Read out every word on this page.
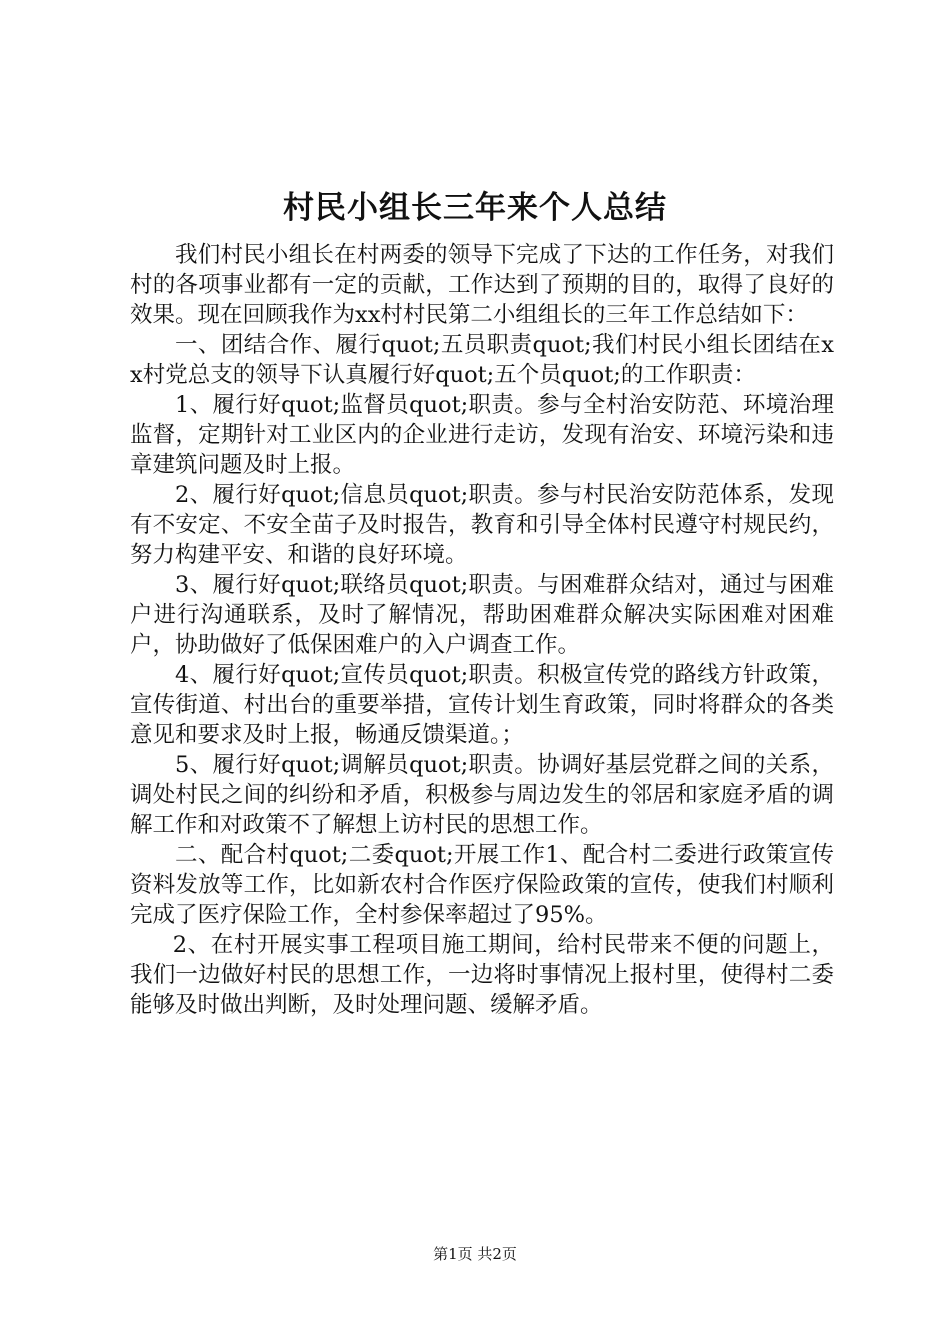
村民小组长三年来个人总结

我们村民小组长在村两委的领导下完成了下达的工作任务，对我们村的各项事业都有一定的贡献，工作达到了预期的目的，取得了良好的效果。现在回顾我作为xx村村民第二小组组长的三年工作总结如下：

一、团结合作、履行quot;五员职责quot;我们村民小组长团结在xx村党总支的领导下认真履行好quot;五个员quot;的工作职责：

1、履行好quot;监督员quot;职责。参与全村治安防范、环境治理监督，定期针对工业区内的企业进行走访，发现有治安、环境污染和违章建筑问题及时上报。

2、履行好quot;信息员quot;职责。参与村民治安防范体系，发现有不安定、不安全苗子及时报告，教育和引导全体村民遵守村规民约，努力构建平安、和谐的良好环境。

3、履行好quot;联络员quot;职责。与困难群众结对，通过与困难户进行沟通联系，及时了解情况，帮助困难群众解决实际困难对困难户，协助做好了低保困难户的入户调查工作。

4、履行好quot;宣传员quot;职责。积极宣传党的路线方针政策，宣传街道、村出台的重要举措，宣传计划生育政策，同时将群众的各类意见和要求及时上报，畅通反馈渠道。；

5、履行好quot;调解员quot;职责。协调好基层党群之间的关系，调处村民之间的纠纷和矛盾，积极参与周边发生的邻居和家庭矛盾的调解工作和对政策不了解想上访村民的思想工作。

二、配合村quot;二委quot;开展工作1、配合村二委进行政策宣传资料发放等工作，比如新农村合作医疗保险政策的宣传，使我们村顺利完成了医疗保险工作，全村参保率超过了95%。

2、在村开展实事工程项目施工期间，给村民带来不便的问题上，我们一边做好村民的思想工作，一边将时事情况上报村里，使得村二委能够及时做出判断，及时处理问题、缓解矛盾。

第1页 共2页
